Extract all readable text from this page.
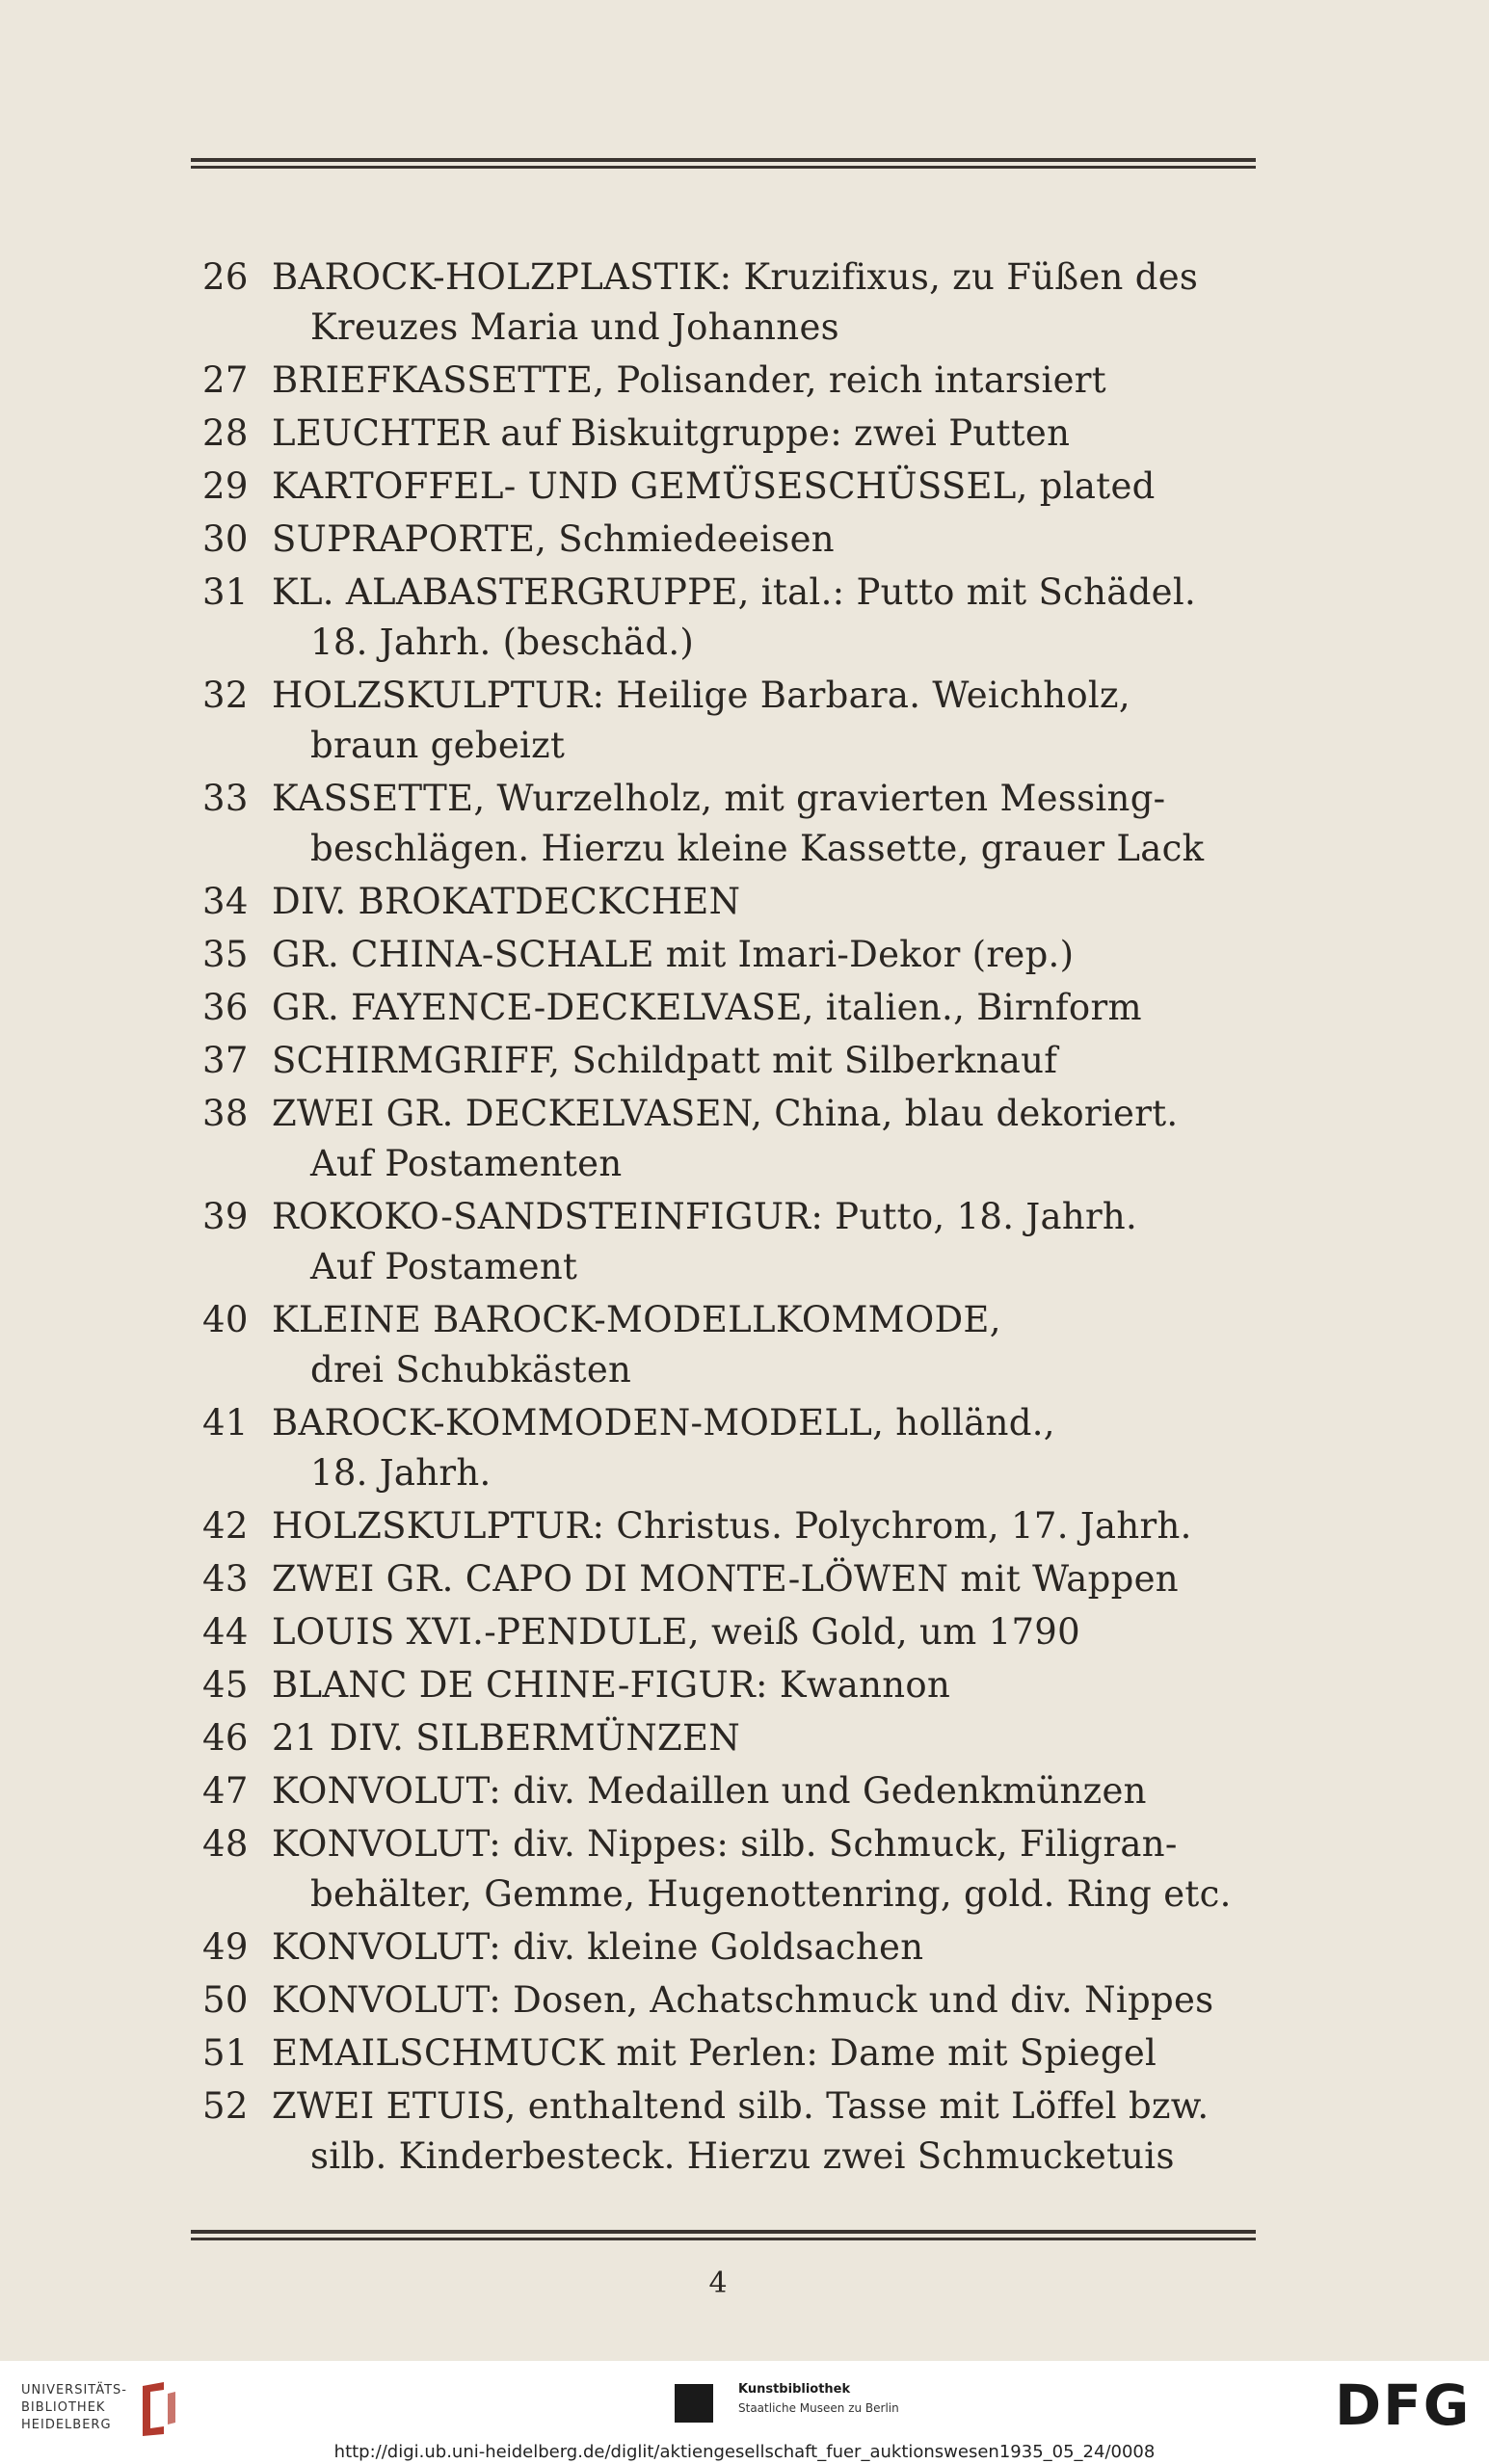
26 BAROCK-HOLZPLASTIK: Kruzifixus, zu Füßen des
Kreuzes Maria und Johannes
27 BRIEFKASSETTE, Polisander, reich intarsiert
28 LEUCHTER auf Biskuitgruppe: zwei Putten
29 KARTOFFEL- UND GEMÜSESCHÜSSEL, plated
30 SUPRAPORTE, Schmiedeeisen
31 KL. ALABASTERGRUPPE, ital.: Putto mit Schädel.
18. Jahrh. (beschäd.)
32 HOLZSKULPTUR: Heilige Barbara. Weichholz,
braun gebeizt
33 KASSETTE, Wurzelholz, mit gravierten Messing-
beschlägen. Hierzu kleine Kassette, grauer Lack
34 DIV. BROKATDECKCHEN
35 GR. CHINA-SCHALE mit Imari-Dekor (rep.)
36 GR. FAYENCE-DECKELVASE, italien., Birnform
37 SCHIRMGRIFF, Schildpatt mit Silberknauf
38 ZWEI GR. DECKELVASEN, China, blau dekoriert.
Auf Postamenten
39 ROKOKO-SANDSTEINFIGUR: Putto, 18. Jahrh.
Auf Postament
40 KLEINE BAROCK-MODELLKOMMODE,
drei Schubkästen
41 BAROCK-KOMMODEN-MODELL, holländ.,
18. Jahrh.
42 HOLZSKULPTUR: Christus. Polychrom, 17. Jahrh.
43 ZWEI GR. CAPO DI MONTE-LÖWEN mit Wappen
44 LOUIS XVI.-PENDULE, weiß Gold, um 1790
45 BLANC DE CHINE-FIGUR: Kwannon
46 21 DIV. SILBERMÜNZEN
47 KONVOLUT: div. Medaillen und Gedenkmünzen
48 KONVOLUT: div. Nippes: silb. Schmuck, Filigran-
behälter, Gemme, Hugenottenring, gold. Ring etc.
49 KONVOLUT: div. kleine Goldsachen
50 KONVOLUT: Dosen, Achatschmuck und div. Nippes
51 EMAILSCHMUCK mit Perlen: Dame mit Spiegel
52 ZWEI ETUIS, enthaltend silb. Tasse mit Löffel bzw.
silb. Kinderbesteck. Hierzu zwei Schmucketuis
4
UNIVERSITÄTS-
BIBLIOTHEK
HEIDELBERG
Kunstbibliothek
Staatliche Museen zu Berlin	DFG
http://digi.ub.uni-heidelberg.de/diglit/aktiengesellschaft_fuer_auktionswesen1935_05_24/0008
